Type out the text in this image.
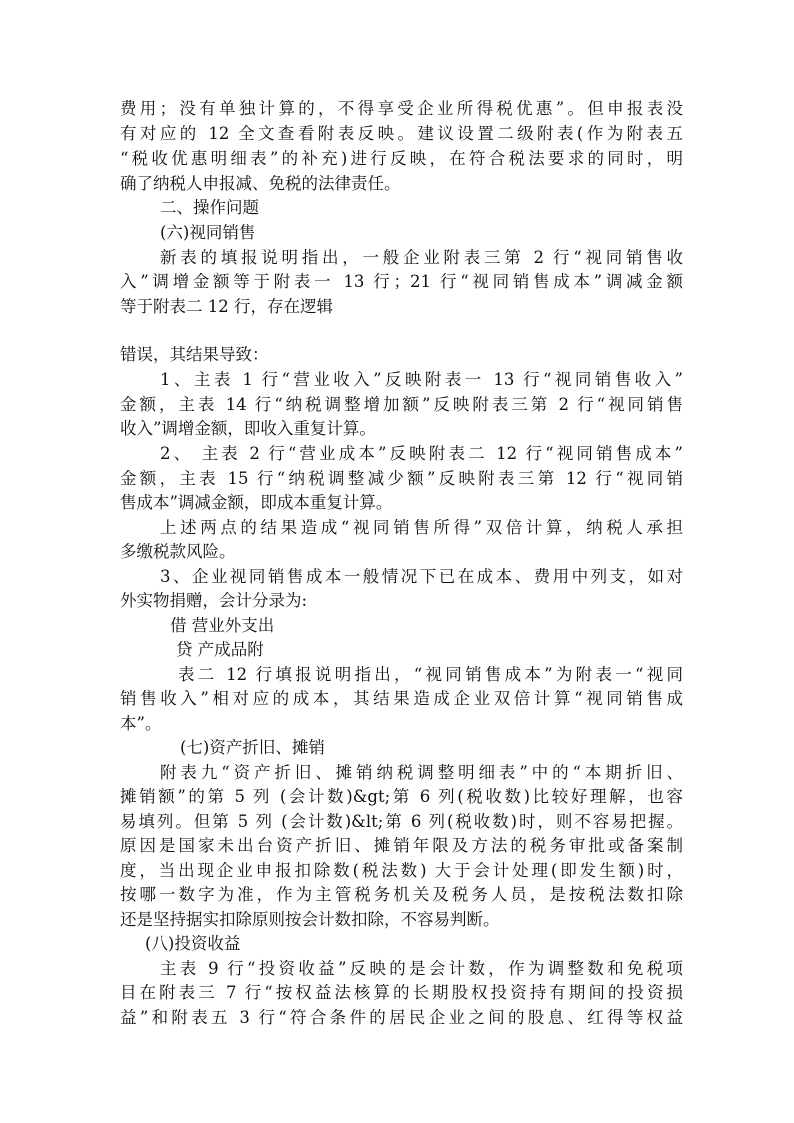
费用；没有单独计算的，不得享受企业所得税优惠”。但申报表没
有对应的 12 全文查看附表反映。建议设置二级附表(作为附表五
“税收优惠明细表”的补充)进行反映，在符合税法要求的同时，明
确了纳税人申报减、免税的法律责任。
二、操作问题
(六)视同销售
新表的填报说明指出，一般企业附表三第 2 行“视同销售收
入”调增金额等于附表一 13 行；21 行“视同销售成本”调减金额
等于附表二 12 行，存在逻辑
错误，其结果导致：
1、主表 1 行“营业收入”反映附表一 13 行“视同销售收入”
金额，主表 14 行“纳税调整增加额”反映附表三第 2 行“视同销售
收入”调增金额，即收入重复计算。
2、 主表 2 行“营业成本”反映附表二 12 行“视同销售成本”
金额，主表 15 行“纳税调整减少额”反映附表三第 12 行“视同销
售成本”调减金额，即成本重复计算。
上述两点的结果造成“视同销售所得”双倍计算，纳税人承担
多缴税款风险。
3、企业视同销售成本一般情况下已在成本、费用中列支，如对
外实物捐赠，会计分录为:
借 营业外支出
贷 产成品附
表二 12 行填报说明指出，“视同销售成本”为附表一“视同
销售收入”相对应的成本，其结果造成企业双倍计算“视同销售成
本”。
(七)资产折旧、摊销
附表九“资产折旧、摊销纳税调整明细表”中的“本期折旧、
摊销额”的第 5 列 (会计数)&gt;第 6 列(税收数)比较好理解，也容
易填列。但第 5 列 (会计数)&lt;第 6 列(税收数)时，则不容易把握。
原因是国家未出台资产折旧、摊销年限及方法的税务审批或备案制
度，当出现企业申报扣除数(税法数) 大于会计处理(即发生额)时，
按哪一数字为准，作为主管税务机关及税务人员，是按税法数扣除
还是坚持据实扣除原则按会计数扣除，不容易判断。
(八)投资收益
主表 9 行“投资收益”反映的是会计数，作为调整数和免税项
目在附表三 7 行“按权益法核算的长期股权投资持有期间的投资损
益”和附表五 3 行“符合条件的居民企业之间的股息、红得等权益
